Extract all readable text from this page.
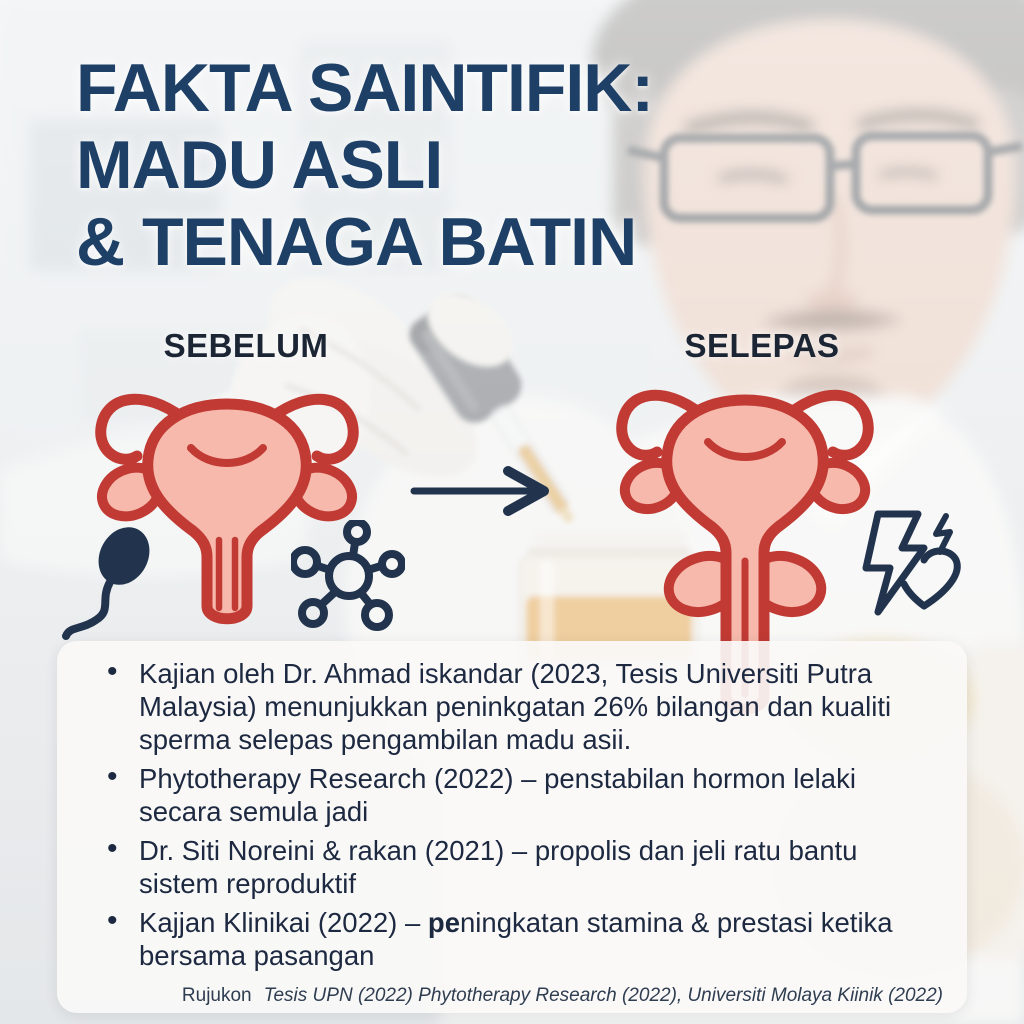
FAKTA SAINTIFIK:
MADU ASLI
& TENAGA BATIN
SEBELUM	SELEPAS
• Kajian oleh Dr. Ahmad iskandar (2023, Tesis Universiti Putra Malaysia) menunjukkan peninkgatan 26% bilangan dan kualiti sperma selepas pengambilan madu asii.
• Phytotherapy Research (2022) – penstabilan hormon lelaki secara semula jadi
• Dr. Siti Noreini & rakan (2021) – propolis dan jeli ratu bantu sistem reproduktif
• Kajjan Klinikai (2022) – peningkatan stamina & prestasi ketika bersama pasangan
Rujukon Tesis UPN (2022) Phytotherapy Research (2022), Universiti Molaya Kiinik (2022)
